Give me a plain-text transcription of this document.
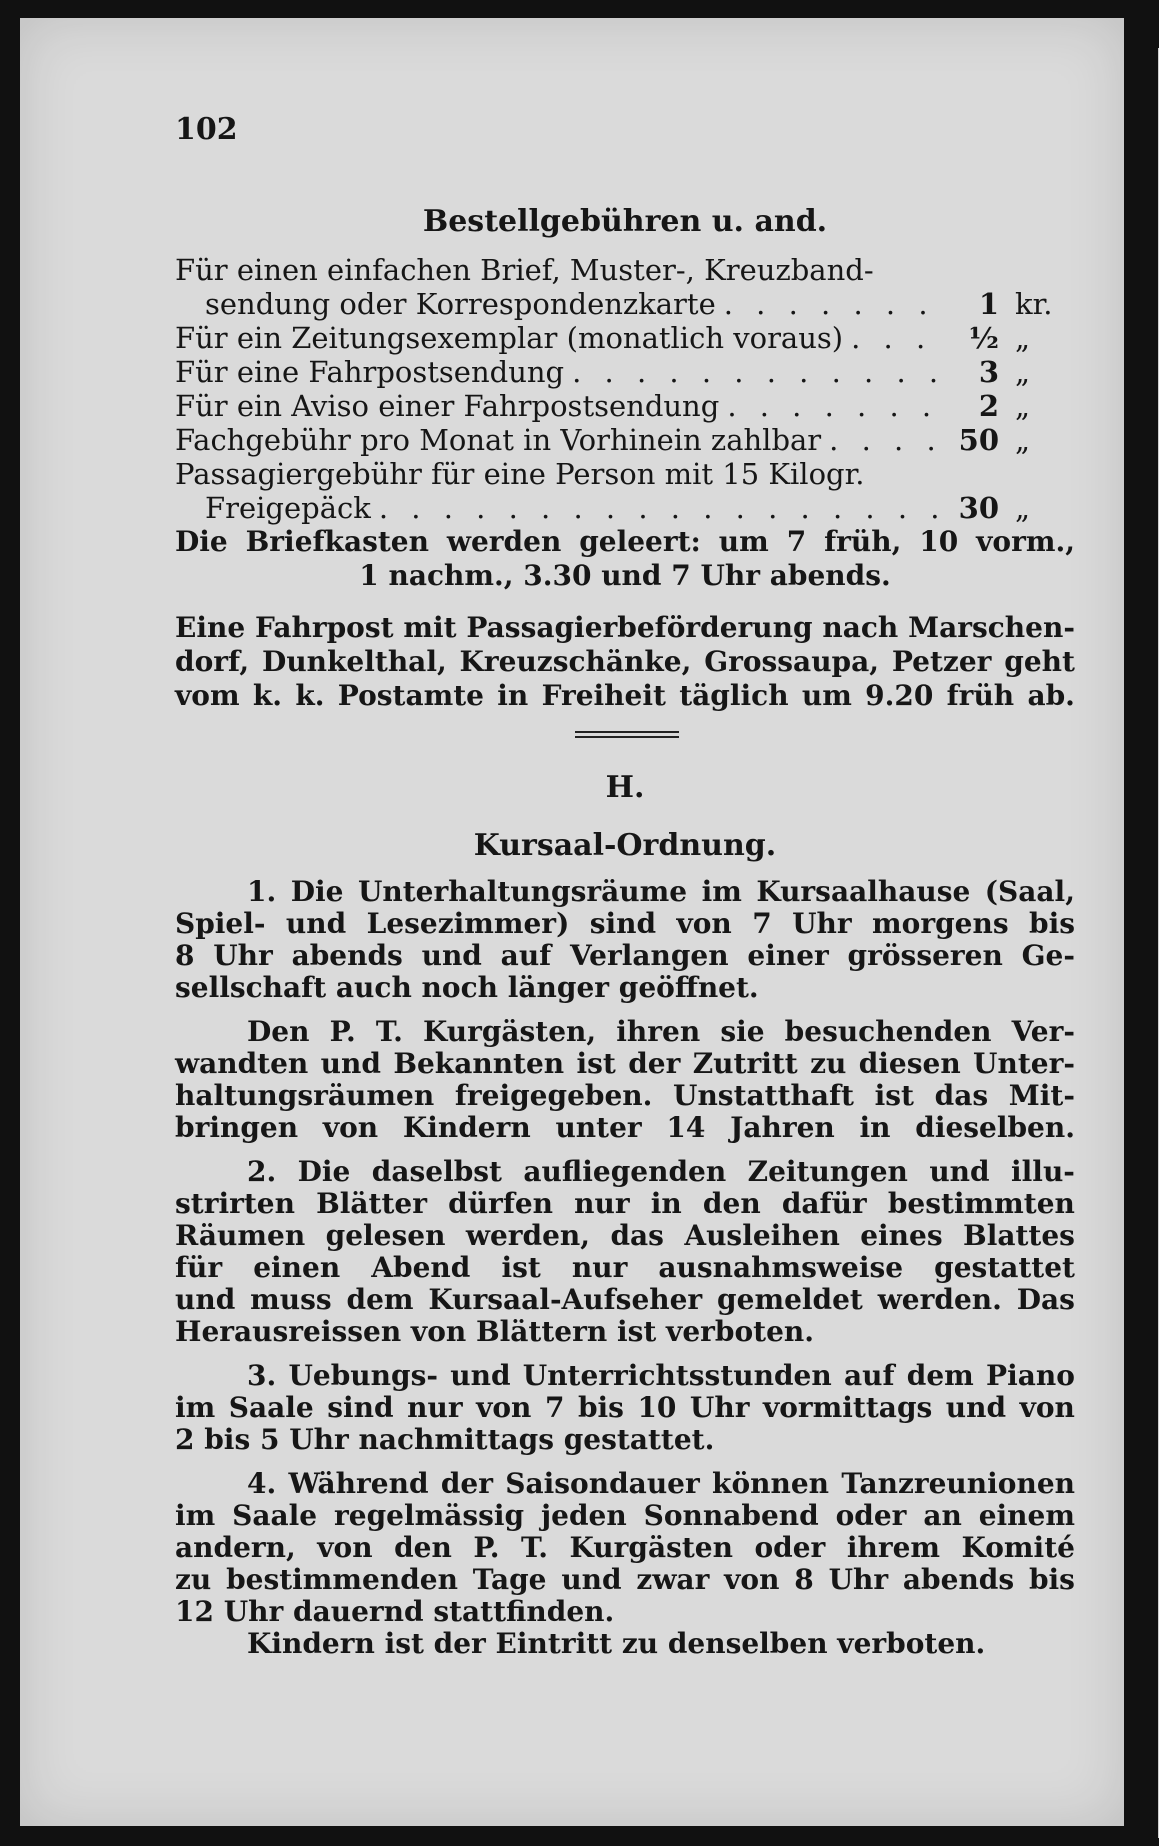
102
Bestellgebühren u. and.
Für einen einfachen Brief, Muster-, Kreuzband-
sendung oder Korrespondenzkarte . . .	1 kr.
Für ein Zeitungsexemplar (monatlich voraus) . . .	½ „
Für eine Fahrpostsendung . . .	3 „
Für ein Aviso einer Fahrpostsendung . . .	2 „
Fachgebühr pro Monat in Vorhinein zahlbar . . .	50 „
Passagiergebühr für eine Person mit 15 Kilogr.
Freigepäck . . .	30 „
Die Briefkasten werden geleert: um 7 früh, 10 vorm.,
1 nachm., 3.30 und 7 Uhr abends.
Eine Fahrpost mit Passagierbeförderung nach Marschen-
dorf, Dunkelthal, Kreuzschänke, Grossaupa, Petzer geht
vom k. k. Postamte in Freiheit täglich um 9.20 früh ab.
H.
Kursaal-Ordnung.
1. Die Unterhaltungsräume im Kursaalhause (Saal,
Spiel- und Lesezimmer) sind von 7 Uhr morgens bis
8 Uhr abends und auf Verlangen einer grösseren Ge-
sellschaft auch noch länger geöffnet.
Den P. T. Kurgästen, ihren sie besuchenden Ver-
wandten und Bekannten ist der Zutritt zu diesen Unter-
haltungsräumen freigegeben. Unstatthaft ist das Mit-
bringen von Kindern unter 14 Jahren in dieselben.
2. Die daselbst aufliegenden Zeitungen und illu-
strirten Blätter dürfen nur in den dafür bestimmten
Räumen gelesen werden, das Ausleihen eines Blattes
für einen Abend ist nur ausnahmsweise gestattet
und muss dem Kursaal-Aufseher gemeldet werden. Das
Herausreissen von Blättern ist verboten.
3. Uebungs- und Unterrichtsstunden auf dem Piano
im Saale sind nur von 7 bis 10 Uhr vormittags und von
2 bis 5 Uhr nachmittags gestattet.
4. Während der Saisondauer können Tanzreunionen
im Saale regelmässig jeden Sonnabend oder an einem
andern, von den P. T. Kurgästen oder ihrem Komité
zu bestimmenden Tage und zwar von 8 Uhr abends bis
12 Uhr dauernd stattfinden.
Kindern ist der Eintritt zu denselben verboten.
